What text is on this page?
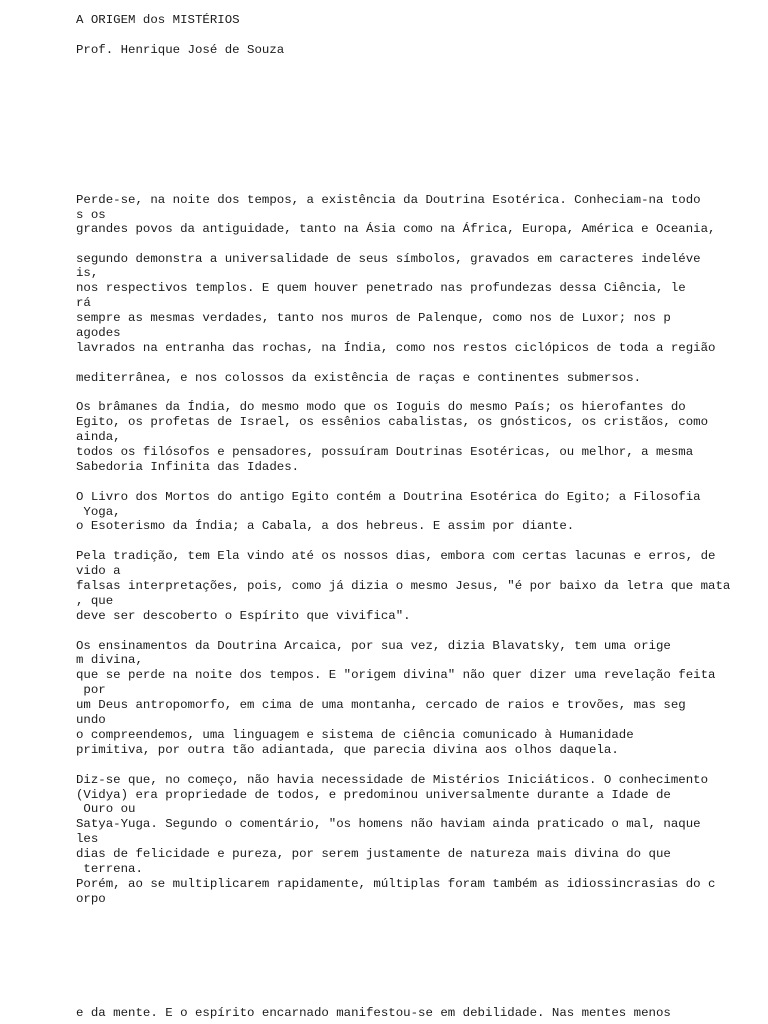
A ORIGEM dos MISTÉRIOS
Prof. Henrique José de Souza
Perde-se, na noite dos tempos, a existência da Doutrina Esotérica. Conheciam-na todo
s os
grandes povos da antiguidade, tanto na Ásia como na África, Europa, América e Oceania,
segundo demonstra a universalidade de seus símbolos, gravados em caracteres indeléve
is,
nos respectivos templos. E quem houver penetrado nas profundezas dessa Ciência, le
rá
sempre as mesmas verdades, tanto nos muros de Palenque, como nos de Luxor; nos p
agodes
lavrados na entranha das rochas, na Índia, como nos restos ciclópicos de toda a região
mediterrânea, e nos colossos da existência de raças e continentes submersos.
Os brâmanes da Índia, do mesmo modo que os Ioguis do mesmo País; os hierofantes do
Egito, os profetas de Israel, os essênios cabalistas, os gnósticos, os cristãos, como
ainda,
todos os filósofos e pensadores, possuíram Doutrinas Esotéricas, ou melhor, a mesma
Sabedoria Infinita das Idades.
O Livro dos Mortos do antigo Egito contém a Doutrina Esotérica do Egito; a Filosofia
Yoga,
o Esoterismo da Índia; a Cabala, a dos hebreus. E assim por diante.
Pela tradição, tem Ela vindo até os nossos dias, embora com certas lacunas e erros, de
vido a
falsas interpretações, pois, como já dizia o mesmo Jesus, "é por baixo da letra que mata
, que
deve ser descoberto o Espírito que vivifica".
Os ensinamentos da Doutrina Arcaica, por sua vez, dizia Blavatsky, tem uma orige
m divina,
que se perde na noite dos tempos. E "origem divina" não quer dizer uma revelação feita
por
um Deus antropomorfo, em cima de uma montanha, cercado de raios e trovões, mas seg
undo
o compreendemos, uma linguagem e sistema de ciência comunicado à Humanidade
primitiva, por outra tão adiantada, que parecia divina aos olhos daquela.
Diz-se que, no começo, não havia necessidade de Mistérios Iniciáticos. O conhecimento
(Vidya) era propriedade de todos, e predominou universalmente durante a Idade de
Ouro ou
Satya-Yuga. Segundo o comentário, "os homens não haviam ainda praticado o mal, naque
les
dias de felicidade e pureza, por serem justamente de natureza mais divina do que
terrena.
Porém, ao se multiplicarem rapidamente, múltiplas foram também as idiossincrasias do c
orpo
e da mente. E o espírito encarnado manifestou-se em debilidade. Nas mentes menos
